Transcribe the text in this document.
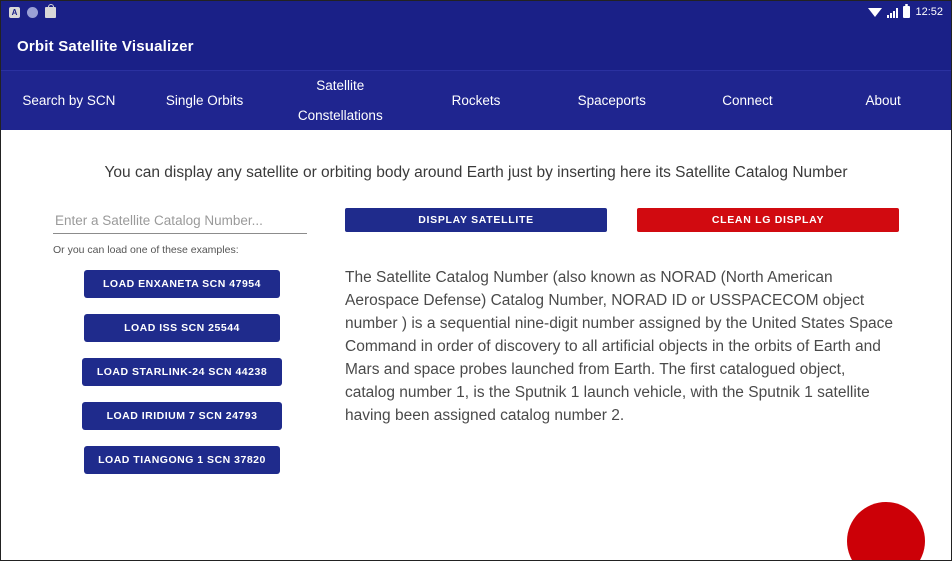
A	12:52
Orbit Satellite Visualizer
Search by SCN	Single Orbits
Satellite

Constellations
Rockets	Spaceports	Connect	About
You can display any satellite or orbiting body around Earth just by inserting here its Satellite Catalog Number
Enter a Satellite Catalog Number...
Or you can load one of these examples:
LOAD ENXANETA SCN 47954
LOAD ISS SCN 25544
LOAD STARLINK-24 SCN 44238
LOAD IRIDIUM 7 SCN 24793
LOAD TIANGONG 1 SCN 37820
DISPLAY SATELLITE	CLEAN LG DISPLAY
The Satellite Catalog Number (also known as NORAD (North American Aerospace Defense) Catalog Number, NORAD ID or USSPACECOM object number ) is a sequential nine-digit number assigned by the United States Space Command in order of discovery to all artificial objects in the orbits of Earth and Mars and space probes launched from Earth. The first catalogued object, catalog number 1, is the Sputnik 1 launch vehicle, with the Sputnik 1 satellite having been assigned catalog number 2.
